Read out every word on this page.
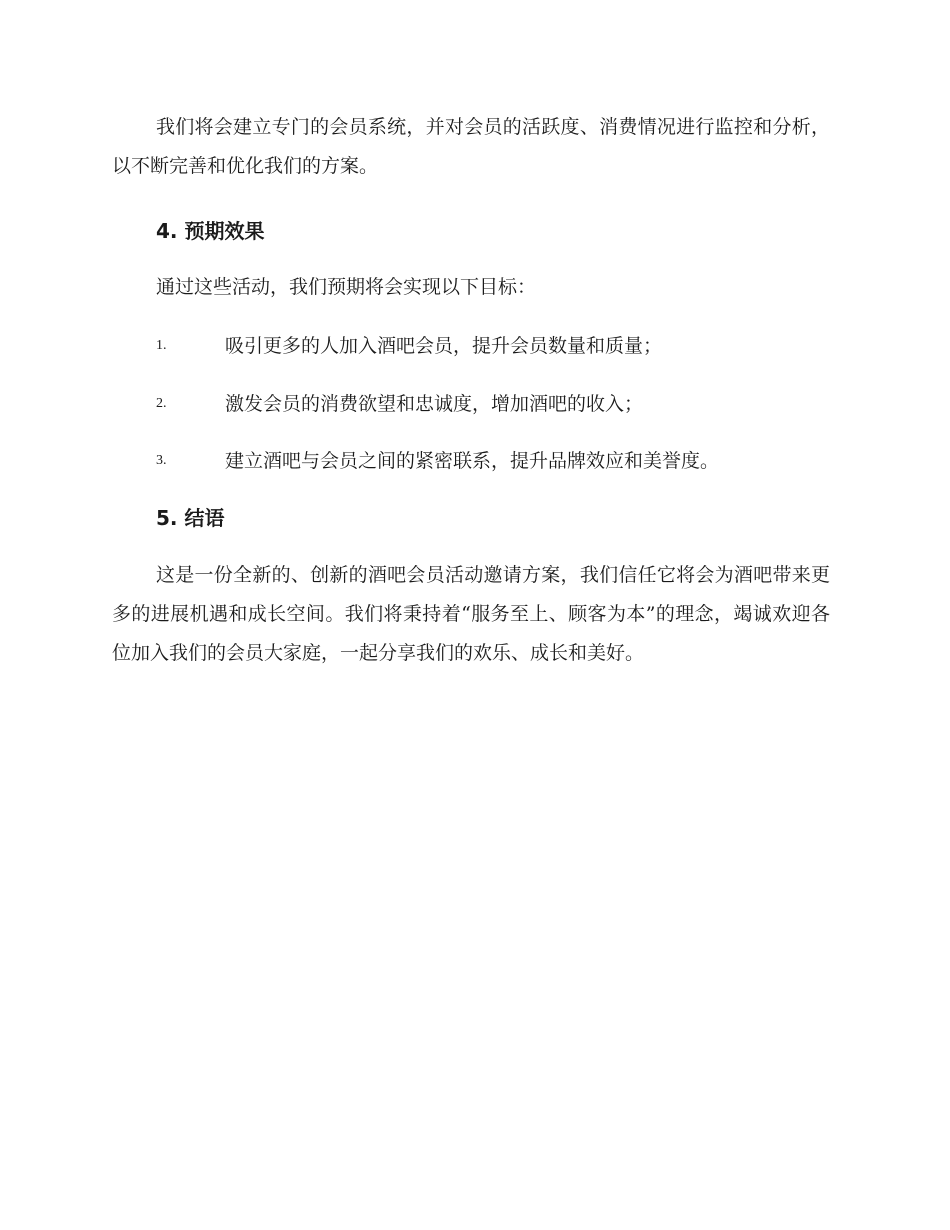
我们将会建立专门的会员系统，并对会员的活跃度、消费情况进行监控和分析，以不断完善和优化我们的方案。

4. 预期效果

通过这些活动，我们预期将会实现以下目标：

1.	吸引更多的人加入酒吧会员，提升会员数量和质量；
2.	激发会员的消费欲望和忠诚度，增加酒吧的收入；
3.	建立酒吧与会员之间的紧密联系，提升品牌效应和美誉度。
5. 结语

这是一份全新的、创新的酒吧会员活动邀请方案，我们信任它将会为酒吧带来更多的进展机遇和成长空间。我们将秉持着“服务至上、顾客为本”的理念，竭诚欢迎各位加入我们的会员大家庭，一起分享我们的欢乐、成长和美好。
